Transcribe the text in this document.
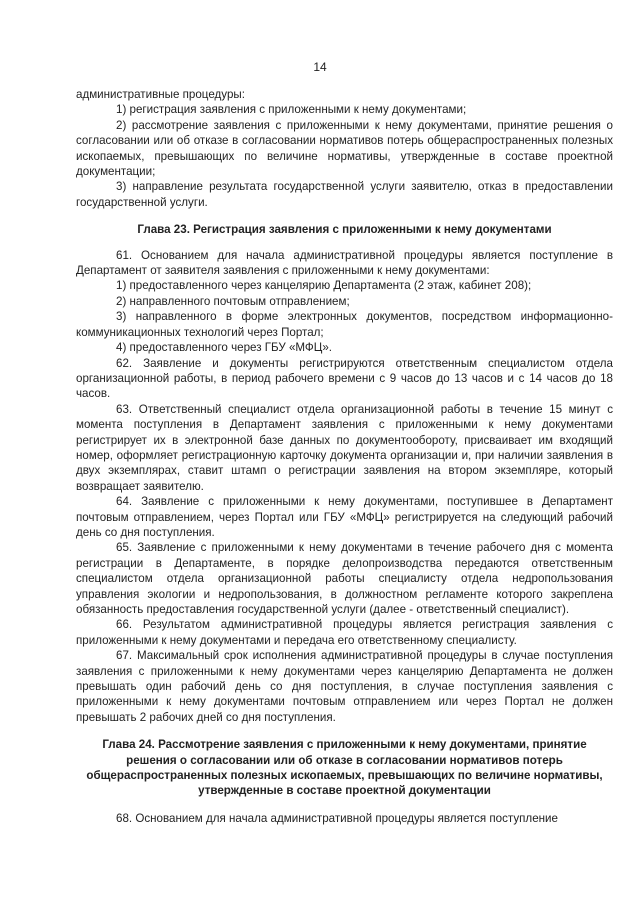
14

административные процедуры:

1) регистрация заявления с приложенными к нему документами;

2) рассмотрение заявления с приложенными к нему документами, принятие решения о согласовании или об отказе в согласовании нормативов потерь общераспространенных полезных ископаемых, превышающих по величине нормативы, утвержденные в составе проектной документации;

3) направление результата государственной услуги заявителю, отказ в предоставлении государственной услуги.

Глава 23. Регистрация заявления с приложенными к нему документами

61. Основанием для начала административной процедуры является поступление в Департамент от заявителя заявления с приложенными к нему документами:

1) предоставленного через канцелярию Департамента (2 этаж, кабинет 208);

2) направленного почтовым отправлением;

3) направленного в форме электронных документов, посредством информационно-коммуникационных технологий через Портал;

4) предоставленного через ГБУ «МФЦ».

62. Заявление и документы регистрируются ответственным специалистом отдела организационной работы, в период рабочего времени с 9 часов до 13 часов и с 14 часов до 18 часов.

63. Ответственный специалист отдела организационной работы в течение 15 минут с момента поступления в Департамент заявления с приложенными к нему документами регистрирует их в электронной базе данных по документообороту, присваивает им входящий номер, оформляет регистрационную карточку документа организации и, при наличии заявления в двух экземплярах, ставит штамп о регистрации заявления на втором экземпляре, который возвращает заявителю.

64. Заявление с приложенными к нему документами, поступившее в Департамент почтовым отправлением, через Портал или ГБУ «МФЦ» регистрируется на следующий рабочий день со дня поступления.

65. Заявление с приложенными к нему документами в течение рабочего дня с момента регистрации в Департаменте, в порядке делопроизводства передаются ответственным специалистом отдела организационной работы специалисту отдела недропользования управления экологии и недропользования, в должностном регламенте которого закреплена обязанность предоставления государственной услуги (далее - ответственный специалист).

66. Результатом административной процедуры является регистрация заявления с приложенными к нему документами и передача его ответственному специалисту.

67. Максимальный срок исполнения административной процедуры в случае поступления заявления с приложенными к нему документами через канцелярию Департамента не должен превышать один рабочий день со дня поступления, в случае поступления заявления с приложенными к нему документами почтовым отправлением или через Портал не должен превышать 2 рабочих дней со дня поступления.

Глава 24. Рассмотрение заявления с приложенными к нему документами, принятие решения о согласовании или об отказе в согласовании нормативов потерь общераспространенных полезных ископаемых, превышающих по величине нормативы, утвержденные в составе проектной документации

68. Основанием для начала административной процедуры является поступление
